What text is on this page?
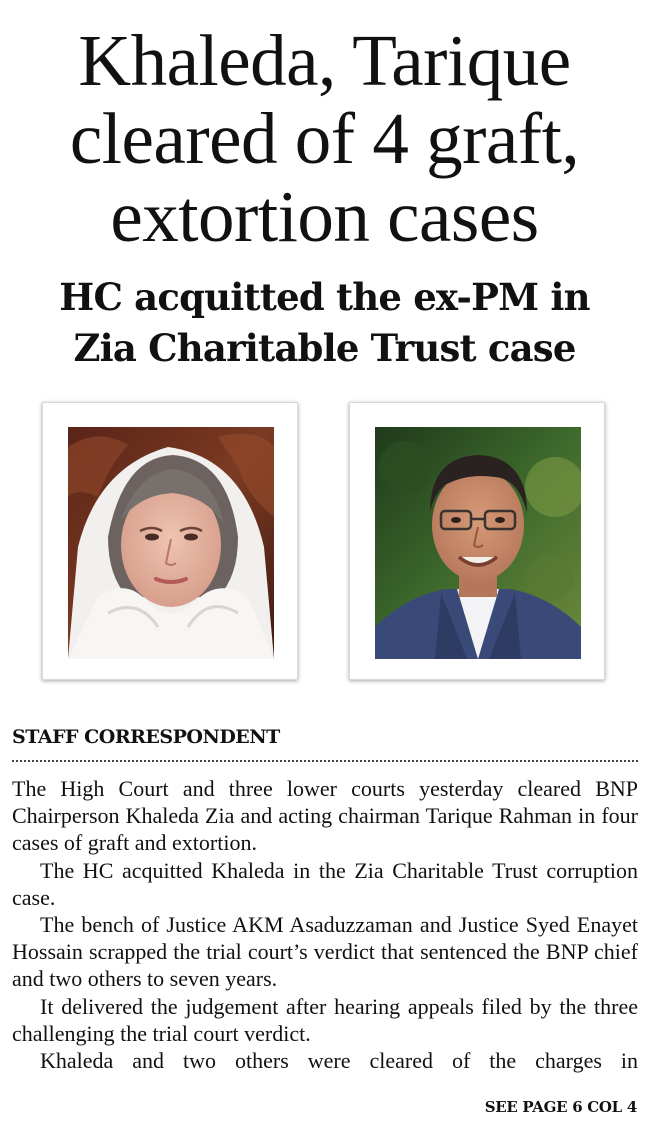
Khaleda, Tarique
cleared of 4 graft,
extortion cases
HC acquitted the ex-PM in
Zia Charitable Trust case

STAFF CORRESPONDENT

The High Court and three lower courts yesterday cleared BNP Chairperson Khaleda Zia and acting chairman Tarique Rahman in four cases of graft and extortion.

The HC acquitted Khaleda in the Zia Charitable Trust corruption case.

The bench of Justice AKM Asaduzzaman and Justice Syed Enayet Hossain scrapped the trial court’s verdict that sentenced the BNP chief and two others to seven years.

It delivered the judgement after hearing appeals filed by the three challenging the trial court verdict.

Khaleda and two others were cleared of the charges in

SEE PAGE 6 COL 4
